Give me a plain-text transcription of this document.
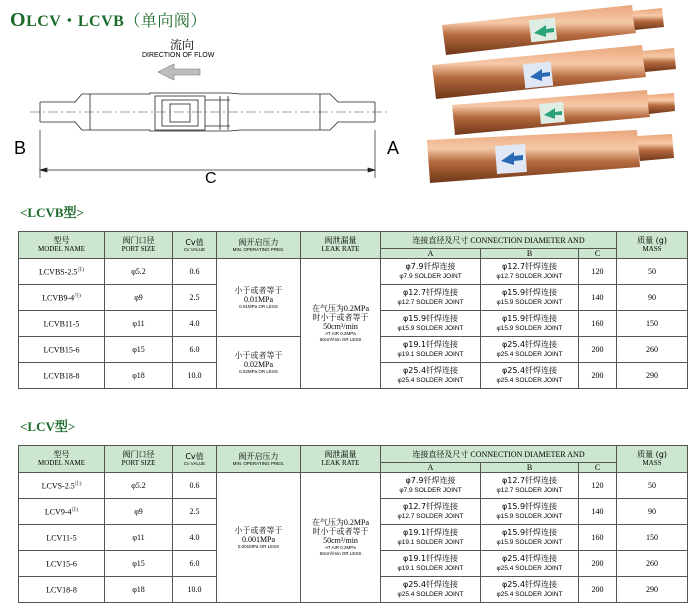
OLCV・LCVB（单向阀）
流向
DIRECTION OF FLOW
B	A
C
<LCVB型>
型号
MODEL NAME	阀门口径
PORT SIZE	Cv值
Cv VALUE	阀开启压力
MIN. OPERATING PRES.	阀泄漏量
LEAK RATE	连接直径及尺寸 CONNECTION DIAMETER AND			质量 (g)
MASS

					A	B	C	
LCVBS-$2.5^{注)}$	φ5.2	0.6	小于或者等于
0.01MPa
0.01MPa OR LESS	在气压为0.2MPa
时小于或者等于
50cm³/min
AT AIR 0.2MPa
50cm³/min OR LESS	φ7.9钎焊连接
φ7.9 SOLDER JOINT	φ12.7钎焊连接
φ12.7 SOLDER JOINT	120	50
$LCVB9-4^{注)}$	φ9	2.5			φ12.7钎焊连接
φ12.7 SOLDER JOINT	φ15.9钎焊连接
φ15.9 SOLDER JOINT	140	90
LCVB11-5	φ11	4.0			φ15.9钎焊连接
φ15.9 SOLDER JOINT	φ15.9钎焊连接
φ15.9 SOLDER JOINT	160	150
LCVB15-6	φ15	6.0	小于或者等于
0.02MPa
0.02MPa OR LESS		φ19.1钎焊连接
φ19.1 SOLDER JOINT	φ25.4钎焊连接
φ25.4 SOLDER JOINT	200	260
LCVB18-8	φ18	10.0			φ25.4钎焊连接
φ25.4 SOLDER JOINT	φ25.4钎焊连接
φ25.4 SOLDER JOINT	200	290
<LCV型>
型号
MODEL NAME	阀门口径
PORT SIZE	Cv值
Cv VALUE	阀开启压力
MIN. OPERATING PRES.	阀泄漏量
LEAK RATE	连接直径及尺寸 CONNECTION DIAMETER AND			质量 (g)
MASS

					A	B	C	
LCVS-$2.5^{注)}$	φ5.2	0.6	小于或者等于
0.001MPa
0.001MPa OR LESS	在气压为0.2MPa
时小于或者等于
50cm³/min
AT AIR 0.2MPa
50cm³/min OR LESS	φ7.9钎焊连接
φ7.9 SOLDER JOINT	φ12.7钎焊连接
φ12.7 SOLDER JOINT	120	50
$LCV9-4^{注)}$	φ9	2.5			φ12.7钎焊连接
φ12.7 SOLDER JOINT	φ15.9钎焊连接
φ15.9 SOLDER JOINT	140	90
LCV11-5	φ11	4.0			φ19.1钎焊连接
φ19.1 SOLDER JOINT	φ15.9钎焊连接
φ15.9 SOLDER JOINT	160	150
LCV15-6	φ15	6.0			φ19.1钎焊连接
φ19.1 SOLDER JOINT	φ25.4钎焊连接
φ25.4 SOLDER JOINT	200	260
LCV18-8	φ18	10.0			φ25.4钎焊连接
φ25.4 SOLDER JOINT	φ25.4钎焊连接
φ25.4 SOLDER JOINT	200	290
